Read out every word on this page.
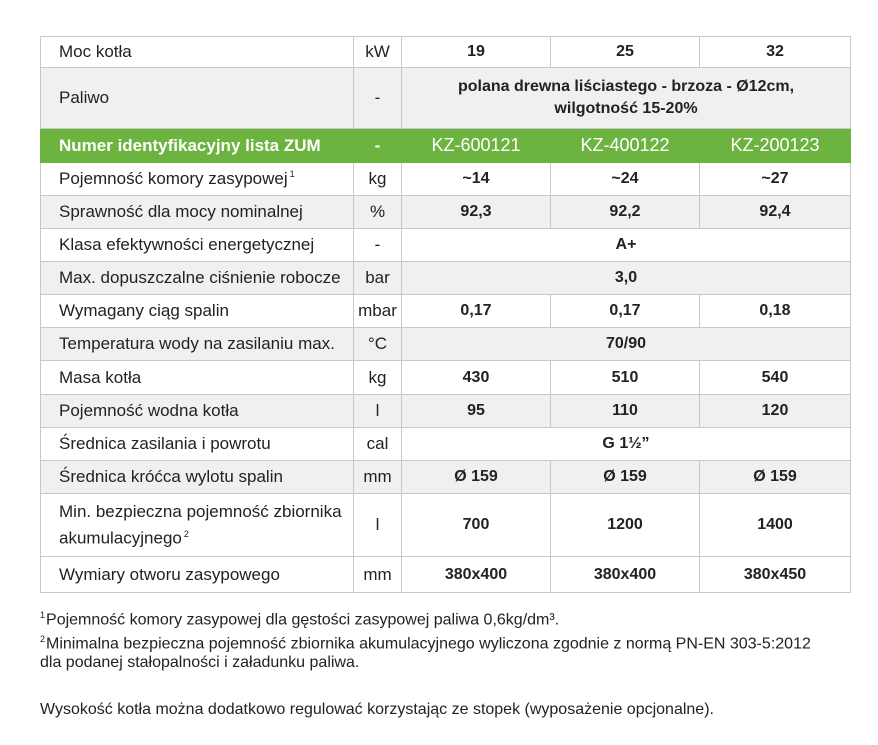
Moc kotła	kW	19	25	32
Paliwo	-	polana drewna liściastego - brzoza - Ø12cm, wilgotność 15-20%		
Numer identyfikacyjny lista ZUM	-	KZ-600121	KZ-400122	KZ-200123
Pojemność komory zasypowej $^1$	kg	~14	~24	~27
Sprawność dla mocy nominalnej	%	92,3	92,2	92,4
Klasa efektywności energetycznej	-	A+		
Max. dopuszczalne ciśnienie robocze	bar	3,0		
Wymagany ciąg spalin	mbar	0,17	0,17	0,18
Temperatura wody na zasilaniu max.	°C	70/90		
Masa kotła	kg	430	510	540
Pojemność wodna kotła	l	95	110	120
Średnica zasilania i powrotu	cal	G 1½”		
Średnica króćca wylotu spalin	mm	Ø 159	Ø 159	Ø 159
Min. bezpieczna pojemność zbiornika akumulacyjnego $^2$	l	700	1200	1400
Wymiary otworu zasypowego	mm	380x400	380x400	380x450
$^1$Pojemność komory zasypowej dla gęstości zasypowej paliwa 0,6kg/dm³.
$^2$Minimalna bezpieczna pojemność zbiornika akumulacyjnego wyliczona zgodnie z normą PN-EN 303-5:2012
dla podanej stałopalności i załadunku paliwa.
Wysokość kotła można dodatkowo regulować korzystając ze stopek (wyposażenie opcjonalne).
